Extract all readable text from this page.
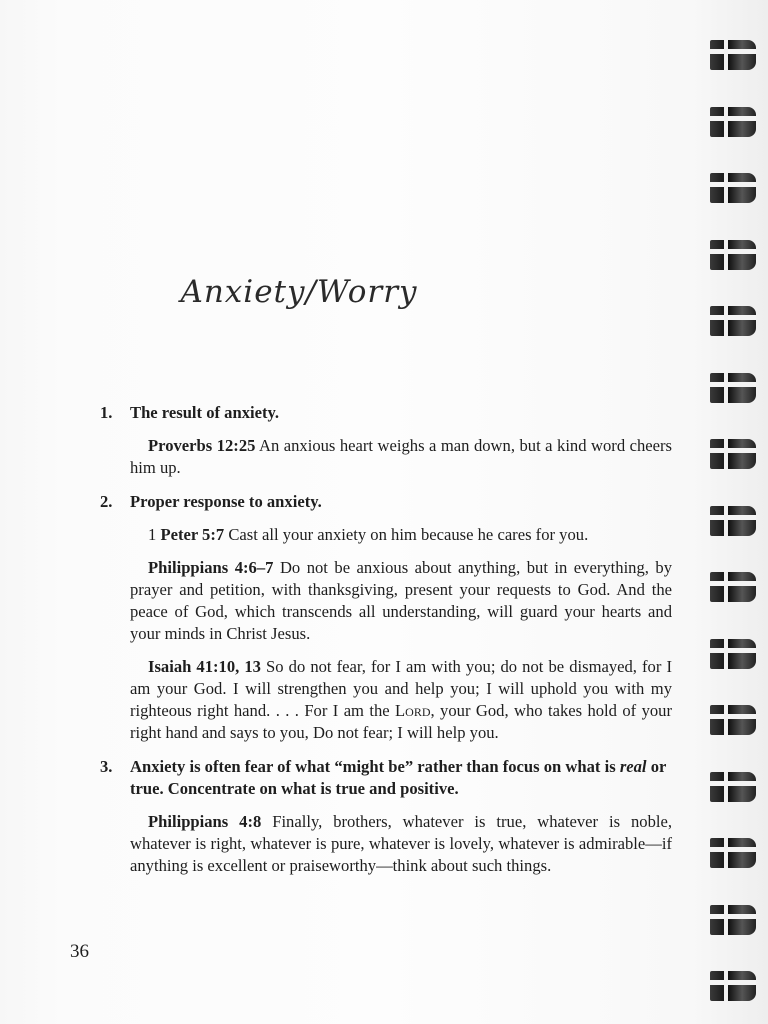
Anxiety/Worry
1.	The result of anxiety.

Proverbs 12:25 An anxious heart weighs a man down, but a kind word cheers him up.

2.	Proper response to anxiety.

1 Peter 5:7 Cast all your anxiety on him because he cares for you.

Philippians 4:6–7 Do not be anxious about anything, but in everything, by prayer and petition, with thanksgiving, present your requests to God. And the peace of God, which transcends all understanding, will guard your hearts and your minds in Christ Jesus.

Isaiah 41:10, 13 So do not fear, for I am with you; do not be dismayed, for I am your God. I will strengthen you and help you; I will uphold you with my righteous right hand. . . . For I am the Lord, your God, who takes hold of your right hand and says to you, Do not fear; I will help you.

3.	Anxiety is often fear of what “might be” rather than focus on what is real or true. Concentrate on what is true and positive.

Philippians 4:8 Finally, brothers, whatever is true, whatever is noble, whatever is right, whatever is pure, whatever is lovely, whatever is admirable—if anything is excellent or praiseworthy—think about such things.

36
